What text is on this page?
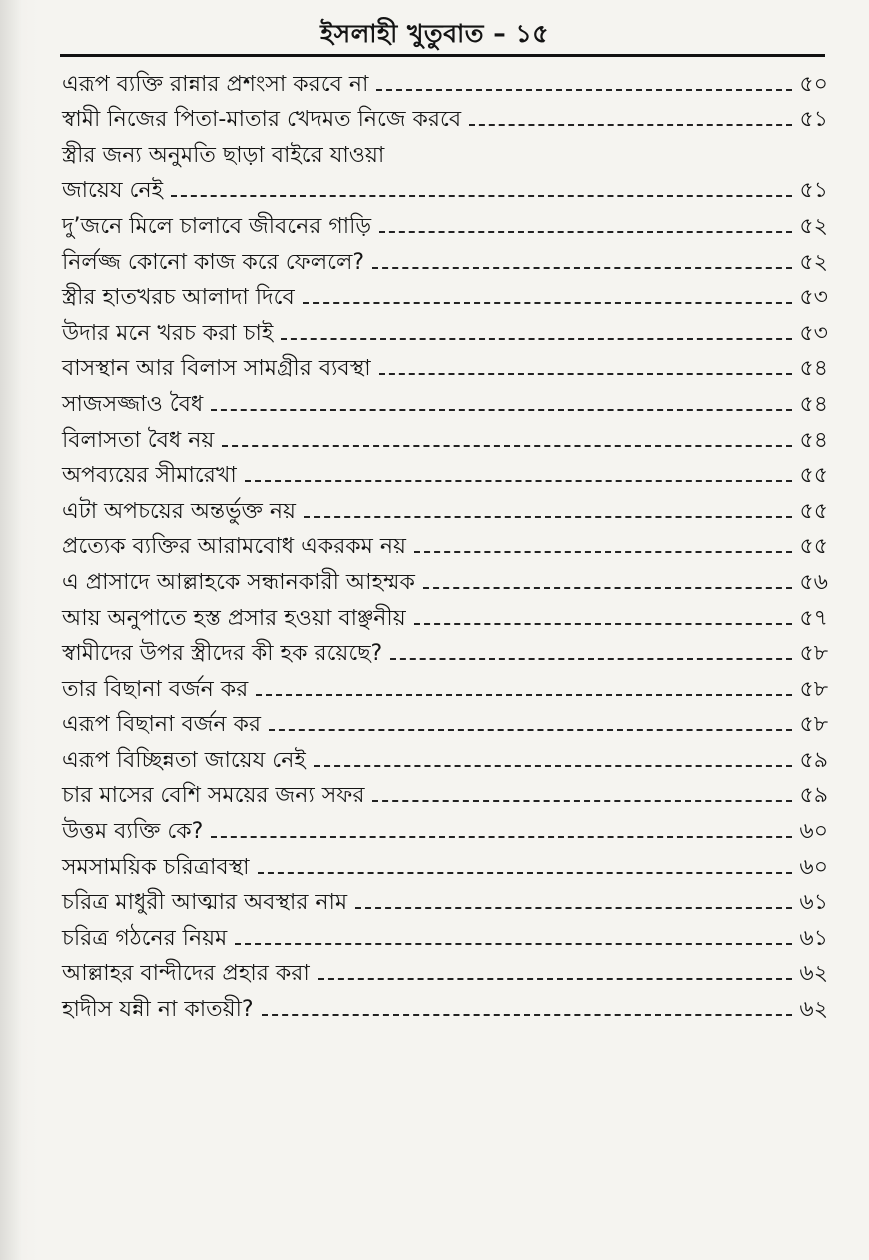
ইসলাহী খুতুবাত – ১৫
এরূপ ব্যক্তি রান্নার প্রশংসা করবে না	৫০
স্বামী নিজের পিতা-মাতার খেদমত নিজে করবে	৫১
স্ত্রীর জন্য অনুমতি ছাড়া বাইরে যাওয়া
জায়েয নেই	৫১
দু’জনে মিলে চালাবে জীবনের গাড়ি	৫২
নির্লজ্জ কোনো কাজ করে ফেললে?	৫২
স্ত্রীর হাতখরচ আলাদা দিবে	৫৩
উদার মনে খরচ করা চাই	৫৩
বাসস্থান আর বিলাস সামগ্রীর ব্যবস্থা	৫৪
সাজসজ্জাও বৈধ	৫৪
বিলাসতা বৈধ নয়	৫৪
অপব্যয়ের সীমারেখা	৫৫
এটা অপচয়ের অন্তর্ভুক্ত নয়	৫৫
প্রত্যেক ব্যক্তির আরামবোধ একরকম নয়	৫৫
এ প্রাসাদে আল্লাহকে সন্ধানকারী আহম্মক	৫৬
আয় অনুপাতে হস্ত প্রসার হওয়া বাঞ্ছনীয়	৫৭
স্বামীদের উপর স্ত্রীদের কী হক রয়েছে?	৫৮
তার বিছানা বর্জন কর	৫৮
এরূপ বিছানা বর্জন কর	৫৮
এরূপ বিচ্ছিন্নতা জায়েয নেই	৫৯
চার মাসের বেশি সময়ের জন্য সফর	৫৯
উত্তম ব্যক্তি কে?	৬০
সমসাময়িক চরিত্রাবস্থা	৬০
চরিত্র মাধুরী আত্মার অবস্থার নাম	৬১
চরিত্র গঠনের নিয়ম	৬১
আল্লাহর বান্দীদের প্রহার করা	৬২
হাদীস যন্নী না কাতয়ী?	৬২
